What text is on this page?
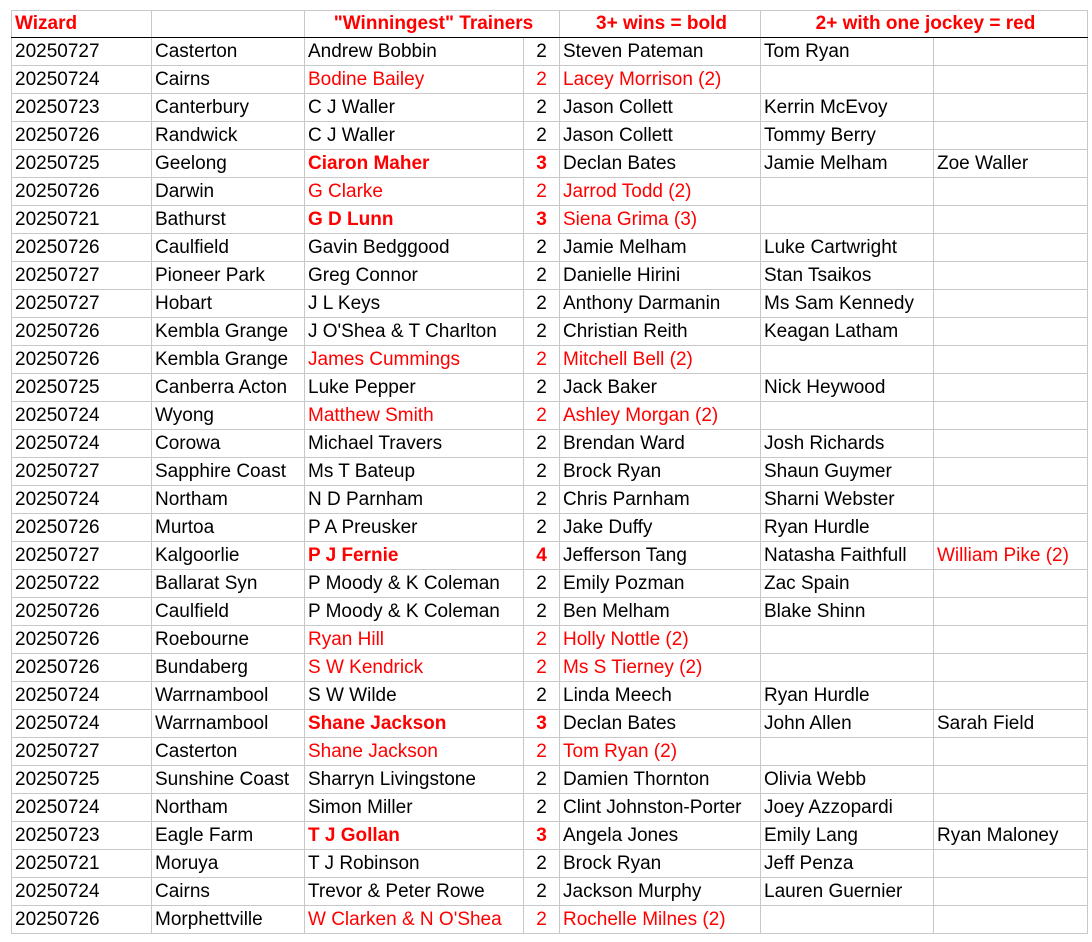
Wizard		"Winningest" Trainers		3+ wins = bold	2+ with one jockey = red	
20250727	Casterton	Andrew Bobbin	2	Steven Pateman	Tom Ryan	
20250724	Cairns	Bodine Bailey	2	Lacey Morrison (2)		
20250723	Canterbury	C J Waller	2	Jason Collett	Kerrin McEvoy	
20250726	Randwick	C J Waller	2	Jason Collett	Tommy Berry	
20250725	Geelong	Ciaron Maher	3	Declan Bates	Jamie Melham	Zoe Waller
20250726	Darwin	G Clarke	2	Jarrod Todd (2)		
20250721	Bathurst	G D Lunn	3	Siena Grima (3)		
20250726	Caulfield	Gavin Bedggood	2	Jamie Melham	Luke Cartwright	
20250727	Pioneer Park	Greg Connor	2	Danielle Hirini	Stan Tsaikos	
20250727	Hobart	J L Keys	2	Anthony Darmanin	Ms Sam Kennedy	
20250726	Kembla Grange	J O'Shea & T Charlton	2	Christian Reith	Keagan Latham	
20250726	Kembla Grange	James Cummings	2	Mitchell Bell (2)		
20250725	Canberra Acton	Luke Pepper	2	Jack Baker	Nick Heywood	
20250724	Wyong	Matthew Smith	2	Ashley Morgan (2)		
20250724	Corowa	Michael Travers	2	Brendan Ward	Josh Richards	
20250727	Sapphire Coast	Ms T Bateup	2	Brock Ryan	Shaun Guymer	
20250724	Northam	N D Parnham	2	Chris Parnham	Sharni Webster	
20250726	Murtoa	P A Preusker	2	Jake Duffy	Ryan Hurdle	
20250727	Kalgoorlie	P J Fernie	4	Jefferson Tang	Natasha Faithfull	William Pike (2)
20250722	Ballarat Syn	P Moody & K Coleman	2	Emily Pozman	Zac Spain	
20250726	Caulfield	P Moody & K Coleman	2	Ben Melham	Blake Shinn	
20250726	Roebourne	Ryan Hill	2	Holly Nottle (2)		
20250726	Bundaberg	S W Kendrick	2	Ms S Tierney (2)		
20250724	Warrnambool	S W Wilde	2	Linda Meech	Ryan Hurdle	
20250724	Warrnambool	Shane Jackson	3	Declan Bates	John Allen	Sarah Field
20250727	Casterton	Shane Jackson	2	Tom Ryan (2)		
20250725	Sunshine Coast	Sharryn Livingstone	2	Damien Thornton	Olivia Webb	
20250724	Northam	Simon Miller	2	Clint Johnston-Porter	Joey Azzopardi	
20250723	Eagle Farm	T J Gollan	3	Angela Jones	Emily Lang	Ryan Maloney
20250721	Moruya	T J Robinson	2	Brock Ryan	Jeff Penza	
20250724	Cairns	Trevor & Peter Rowe	2	Jackson Murphy	Lauren Guernier	
20250726	Morphettville	W Clarken & N O'Shea	2	Rochelle Milnes (2)		
